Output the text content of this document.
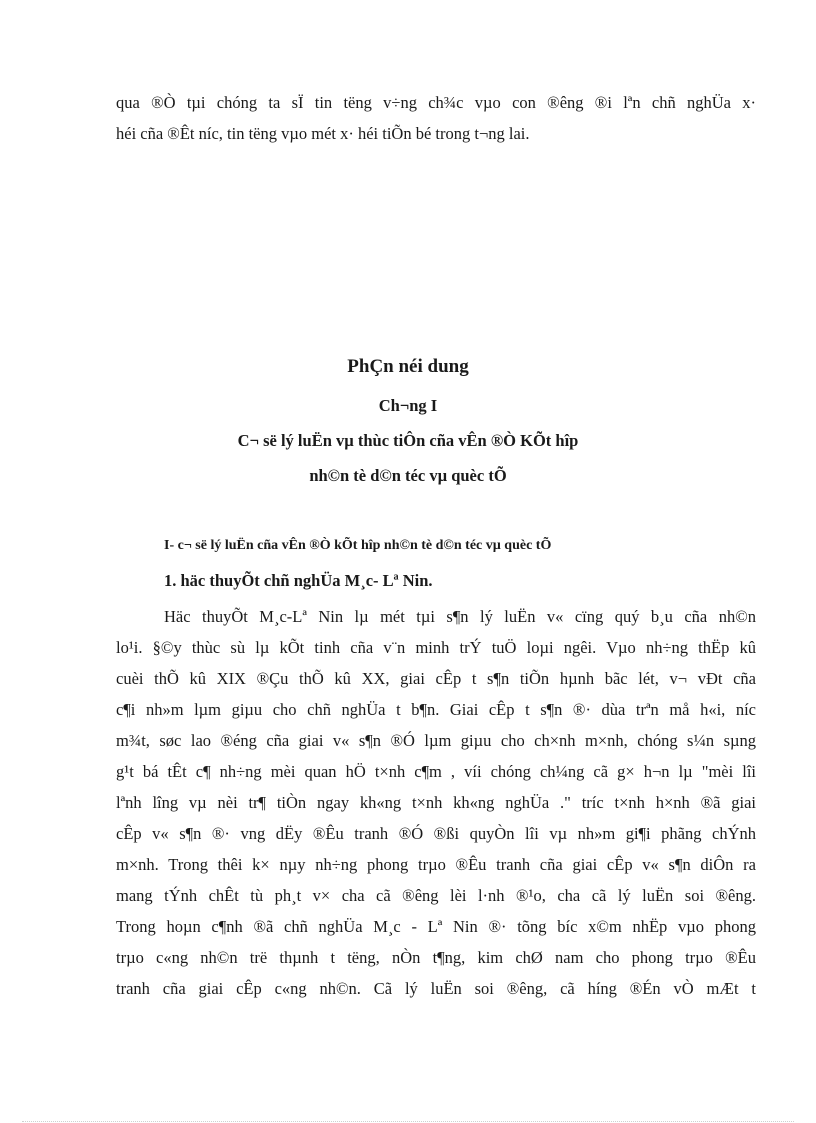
qua ®Ò tµi chóng ta sÏ tin tëng v÷ng ch¾c vµo con ®êng ®i lªn chñ nghÜa x·
héi cña ®Êt níc, tin tëng vµo mét x· héi tiÕn bé trong t¬ng lai.
PhÇn néi dung
Ch¬ng I
C¬ së lý luËn vµ thùc tiÔn cña vÊn ®Ò KÕt hîp
nh©n tè d©n téc vµ quèc tÕ
I- c¬ së lý luËn cña vÊn ®Ò kÕt hîp nh©n tè d©n téc vµ quèc tÕ
1. häc thuyÕt chñ nghÜa M¸c- Lª Nin.
Häc thuyÕt M¸c-Lª Nin lµ mét tµi s¶n lý luËn v« cïng quý b¸u cña nh©n
lo¹i. §©y thùc sù lµ kÕt tinh cña v¨n minh trÝ tuÖ loµi ngêi. Vµo nh÷ng thËp kû
cuèi thÕ kû XIX ®Çu thÕ kû XX, giai cÊp t s¶n tiÕn hµnh bãc lét, v¬ vÐt cña
c¶i nh»m lµm giµu cho chñ nghÜa t b¶n. Giai cÊp t s¶n ®· dùa trªn må h«i, níc
m¾t, søc lao ®éng cña giai v« s¶n ®Ó lµm giµu cho ch×nh m×nh, chóng s¼n sµng
g¹t bá tÊt c¶ nh÷ng mèi quan hÖ t×nh c¶m , víi chóng ch¼ng cã g× h¬n lµ "mèi lîi
lªnh lîng vµ nèi tr¶ tiÒn ngay kh«ng t×nh kh«ng nghÜa ." tríc t×nh h×nh ®ã giai
cÊp v« s¶n ®· vng dËy ®Êu tranh ®Ó ®ßi quyÒn lîi vµ nh»m gi¶i phãng chÝnh
m×nh. Trong thêi k× nµy nh÷ng phong trµo ®Êu tranh cña giai cÊp v« s¶n diÔn ra
mang tÝnh chÊt tù ph¸t v× cha cã ®êng lèi l·nh ®¹o, cha cã lý luËn soi ®êng.
Trong hoµn c¶nh ®ã chñ nghÜa M¸c - Lª Nin ®· tõng bíc x©m nhËp vµo phong
trµo c«ng nh©n trë thµnh t tëng, nÒn t¶ng, kim chØ nam cho phong trµo ®Êu
tranh cña giai cÊp c«ng nh©n. Cã lý luËn soi ®êng, cã híng ®Én vÒ mÆt t
